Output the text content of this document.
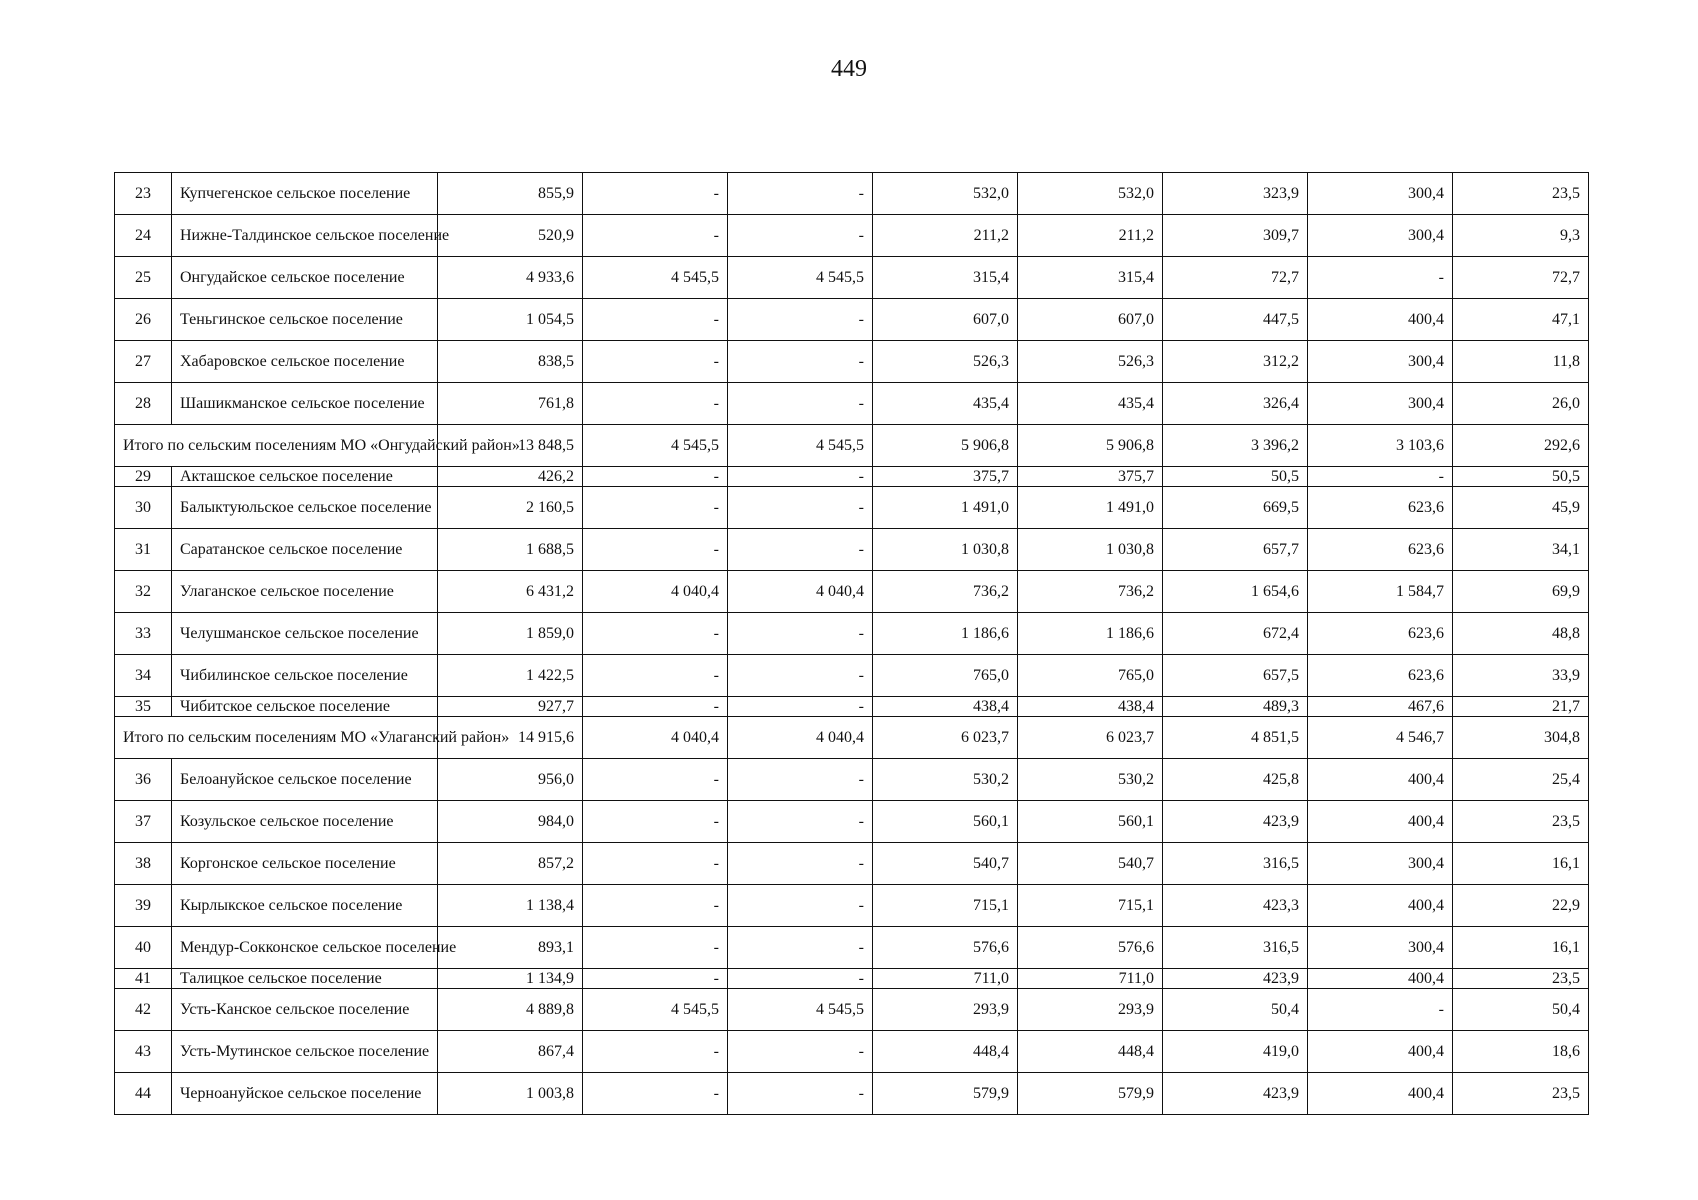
449
23	Купчегенское сельское поселение	855,9	-	-	532,0	532,0	323,9	300,4	23,5
24	Нижне-Талдинское сельское поселение	520,9	-	-	211,2	211,2	309,7	300,4	9,3
25	Онгудайское сельское поселение	4 933,6	4 545,5	4 545,5	315,4	315,4	72,7	-	72,7
26	Теньгинское сельское поселение	1 054,5	-	-	607,0	607,0	447,5	400,4	47,1
27	Хабаровское сельское поселение	838,5	-	-	526,3	526,3	312,2	300,4	11,8
28	Шашикманское сельское поселение	761,8	-	-	435,4	435,4	326,4	300,4	26,0
Итого по сельским поселениям МО «Онгудайский район»		13 848,5	4 545,5	4 545,5	5 906,8	5 906,8	3 396,2	3 103,6	292,6
29	Акташское сельское поселение	426,2	-	-	375,7	375,7	50,5	-	50,5
30	Балыктуюльское сельское поселение	2 160,5	-	-	1 491,0	1 491,0	669,5	623,6	45,9
31	Саратанское сельское поселение	1 688,5	-	-	1 030,8	1 030,8	657,7	623,6	34,1
32	Улаганское сельское поселение	6 431,2	4 040,4	4 040,4	736,2	736,2	1 654,6	1 584,7	69,9
33	Челушманское сельское поселение	1 859,0	-	-	1 186,6	1 186,6	672,4	623,6	48,8
34	Чибилинское сельское поселение	1 422,5	-	-	765,0	765,0	657,5	623,6	33,9
35	Чибитское сельское поселение	927,7	-	-	438,4	438,4	489,3	467,6	21,7
Итого по сельским поселениям МО «Улаганский район»		14 915,6	4 040,4	4 040,4	6 023,7	6 023,7	4 851,5	4 546,7	304,8
36	Белоануйское сельское поселение	956,0	-	-	530,2	530,2	425,8	400,4	25,4
37	Козульское сельское поселение	984,0	-	-	560,1	560,1	423,9	400,4	23,5
38	Коргонское сельское поселение	857,2	-	-	540,7	540,7	316,5	300,4	16,1
39	Кырлыкское сельское поселение	1 138,4	-	-	715,1	715,1	423,3	400,4	22,9
40	Мендур-Сокконское сельское поселение	893,1	-	-	576,6	576,6	316,5	300,4	16,1
41	Талицкое сельское поселение	1 134,9	-	-	711,0	711,0	423,9	400,4	23,5
42	Усть-Канское сельское поселение	4 889,8	4 545,5	4 545,5	293,9	293,9	50,4	-	50,4
43	Усть-Мутинское сельское поселение	867,4	-	-	448,4	448,4	419,0	400,4	18,6
44	Черноануйское сельское поселение	1 003,8	-	-	579,9	579,9	423,9	400,4	23,5
